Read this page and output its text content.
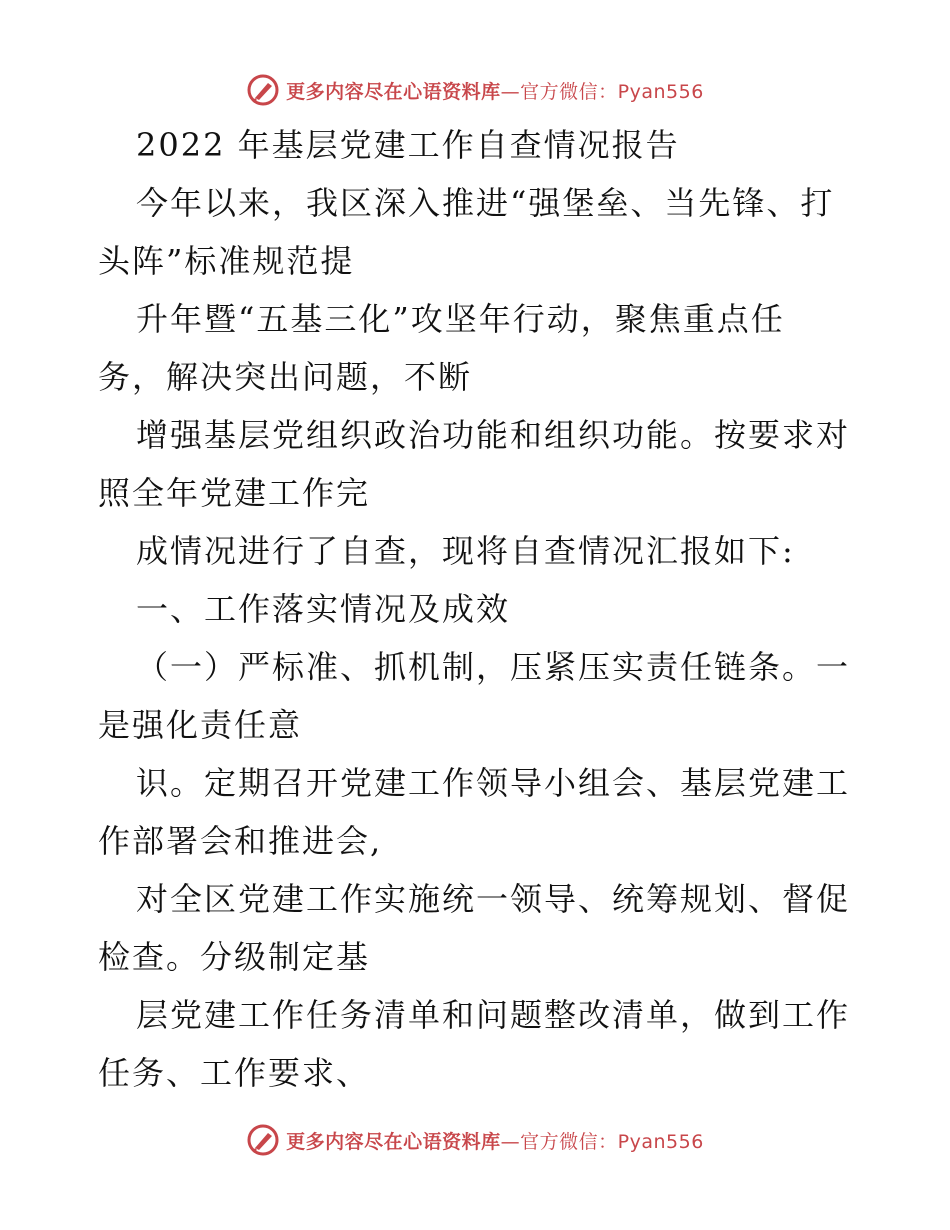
更多内容尽在心语资料库—官方微信：Pyan556
2022 年基层党建工作自查情况报告
今年以来，我区深入推进“强堡垒、当先锋、打
头阵”标准规范提
升年暨“五基三化”攻坚年行动，聚焦重点任
务，解决突出问题，不断
增强基层党组织政治功能和组织功能。按要求对
照全年党建工作完
成情况进行了自查，现将自查情况汇报如下:
一、工作落实情况及成效
（一）严标准、抓机制，压紧压实责任链条。一
是强化责任意
识。定期召开党建工作领导小组会、基层党建工
作部署会和推进会,
对全区党建工作实施统一领导、统筹规划、督促
检查。分级制定基
层党建工作任务清单和问题整改清单，做到工作
任务、工作要求、
更多内容尽在心语资料库—官方微信：Pyan556
